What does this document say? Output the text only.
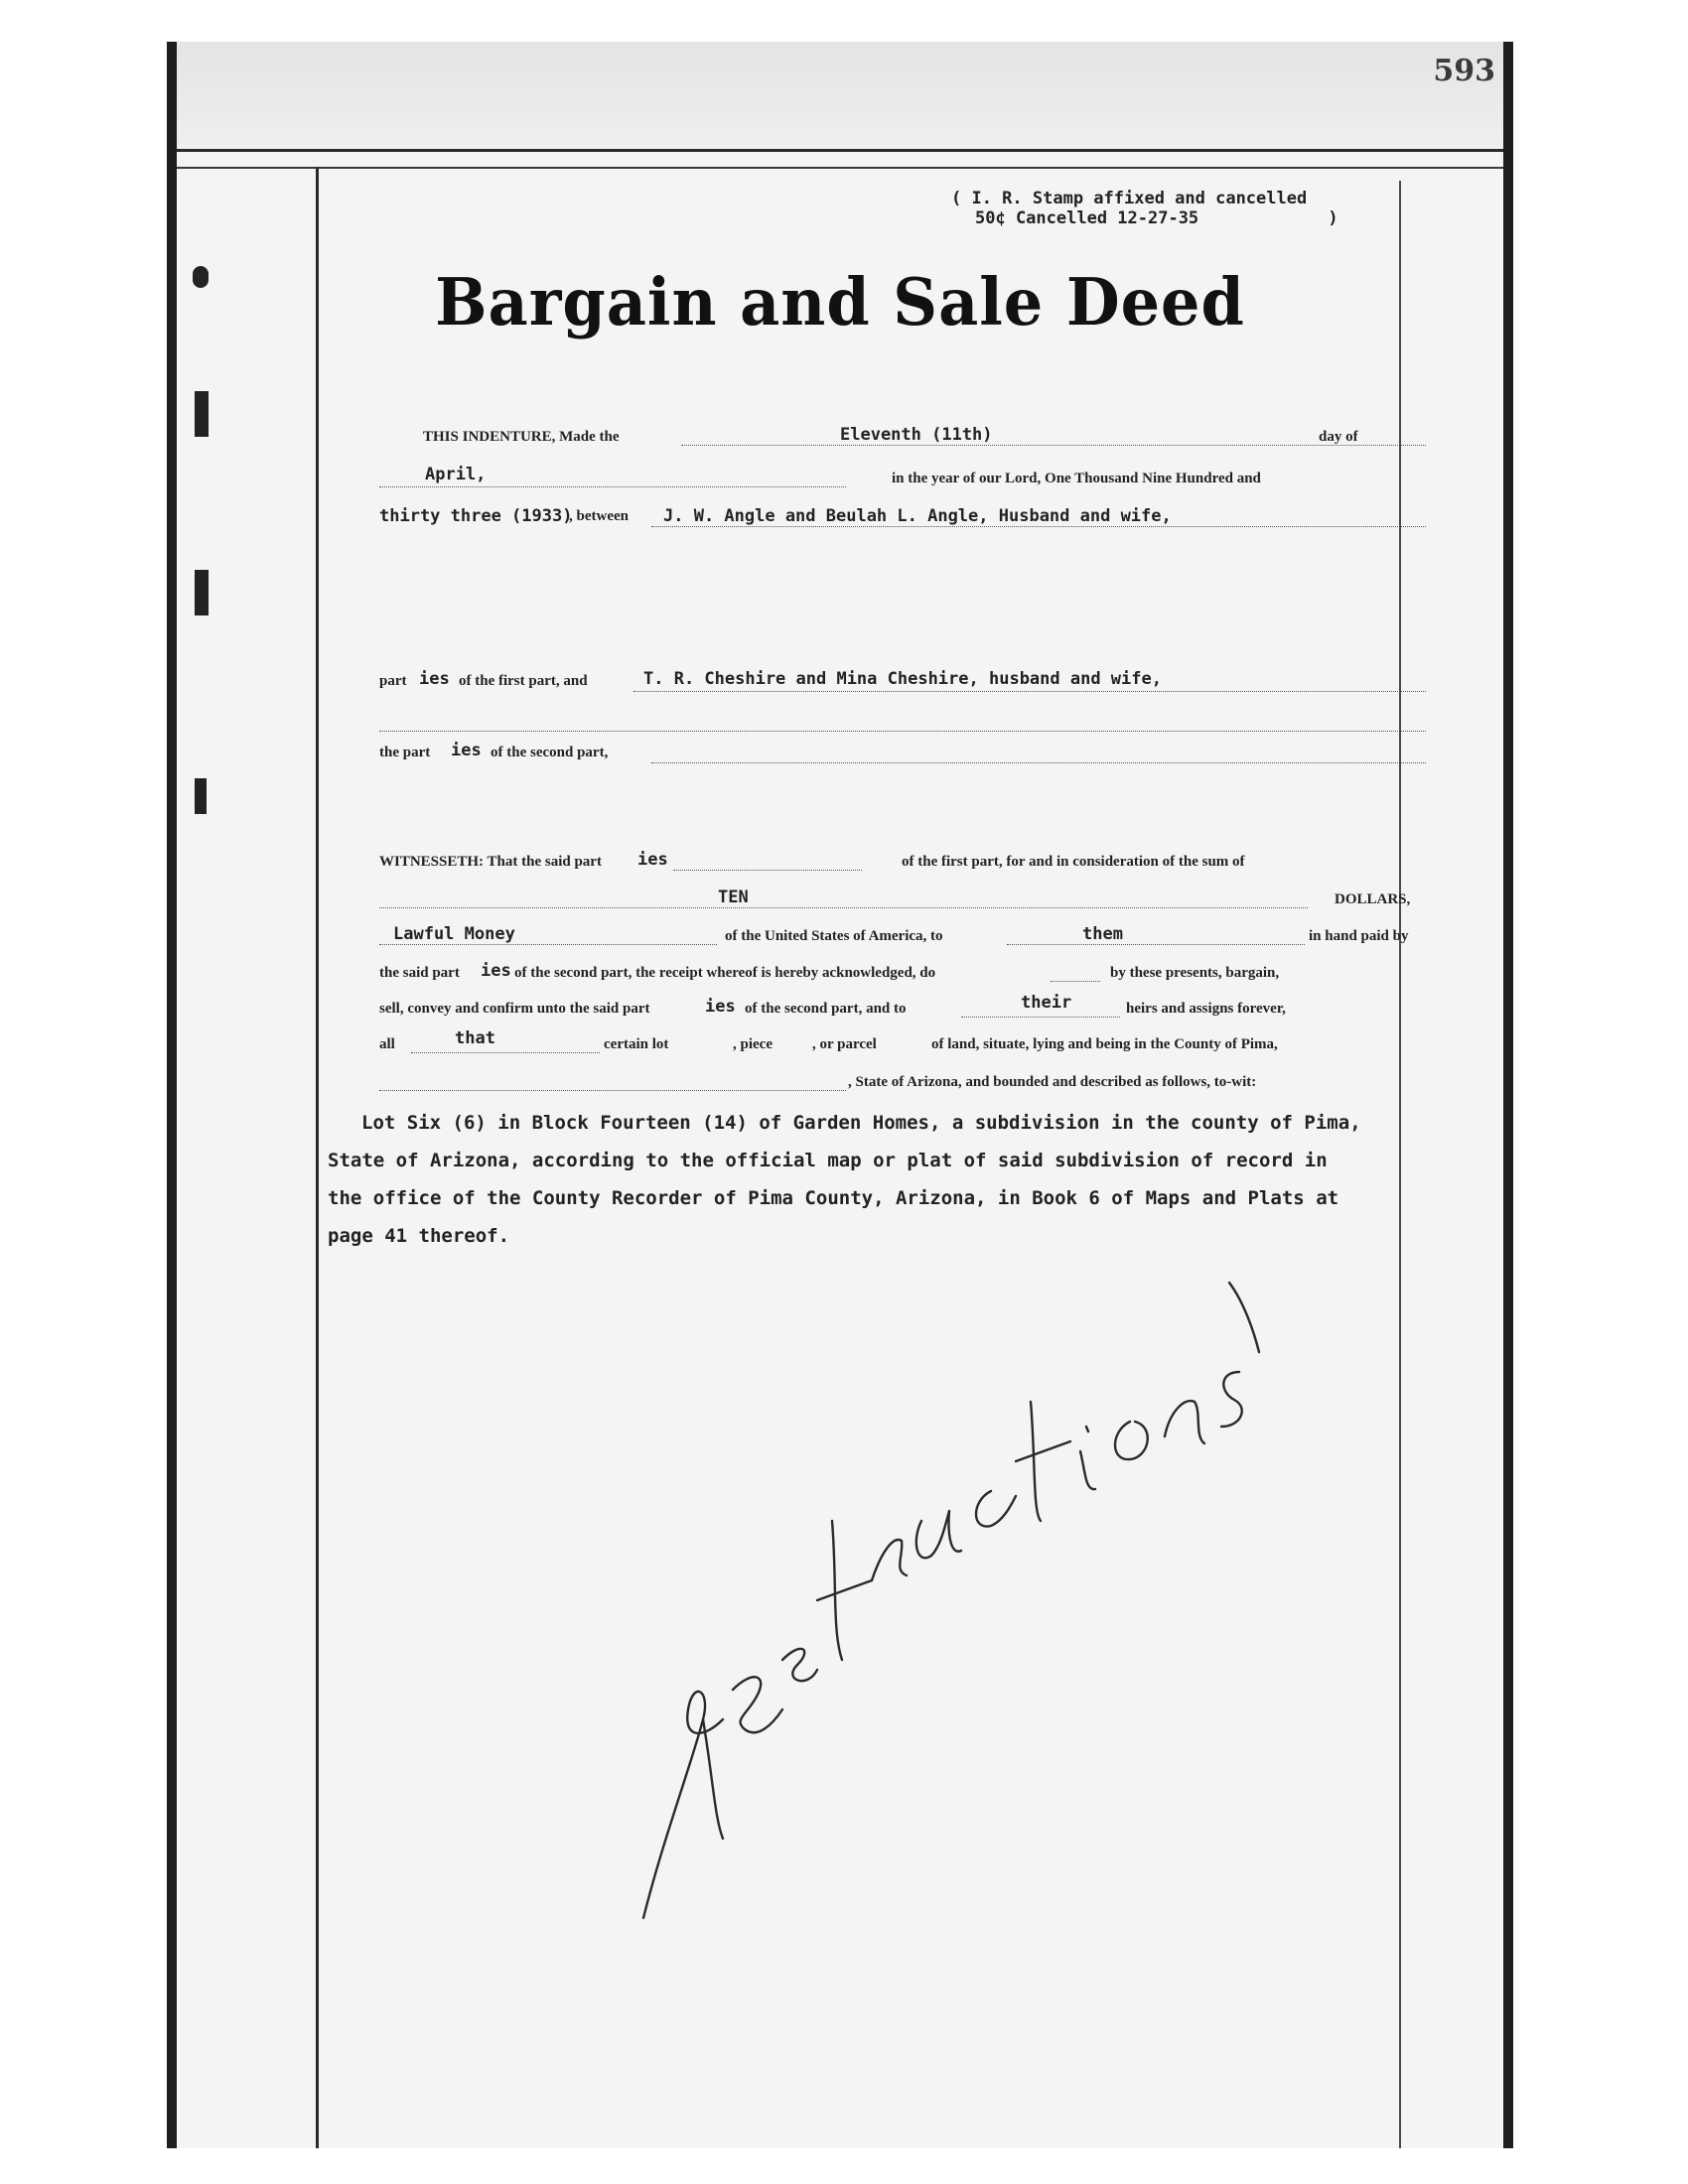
593
( I. R. Stamp affixed and cancelled
50¢ Cancelled 12-27-35	)
Bargain and Sale Deed
THIS INDENTURE, Made the	Eleventh (11th)	day of
April,	in the year of our Lord, One Thousand Nine Hundred and
thirty three (1933)
, between J. W. Angle and Beulah L. Angle, Husband and wife,
part ies of the first part, and	T. R. Cheshire and Mina Cheshire, husband and wife,
the part ies of the second part,
WITNESSETH: That the said part ies	of the first part, for and in consideration of the sum of
TEN	DOLLARS,
Lawful Money	of the United States of America, to	them	in hand paid by
the said part ies of the second part, the receipt whereof is hereby acknowledged, do	by these presents, bargain,
sell, convey and confirm unto the said part	ies of the second part, and to	their	heirs and assigns forever,
all	that	certain lot	, piece	, or parcel	of land, situate, lying and being in the County of Pima,
, State of Arizona, and bounded and described as follows, to-wit:
Lot Six (6) in Block Fourteen (14) of Garden Homes, a subdivision in the county of Pima,
State of Arizona, according to the official map or plat of said subdivision of record in
the office of the County Recorder of Pima County, Arizona, in Book 6 of Maps and Plats at
page 41 thereof.
